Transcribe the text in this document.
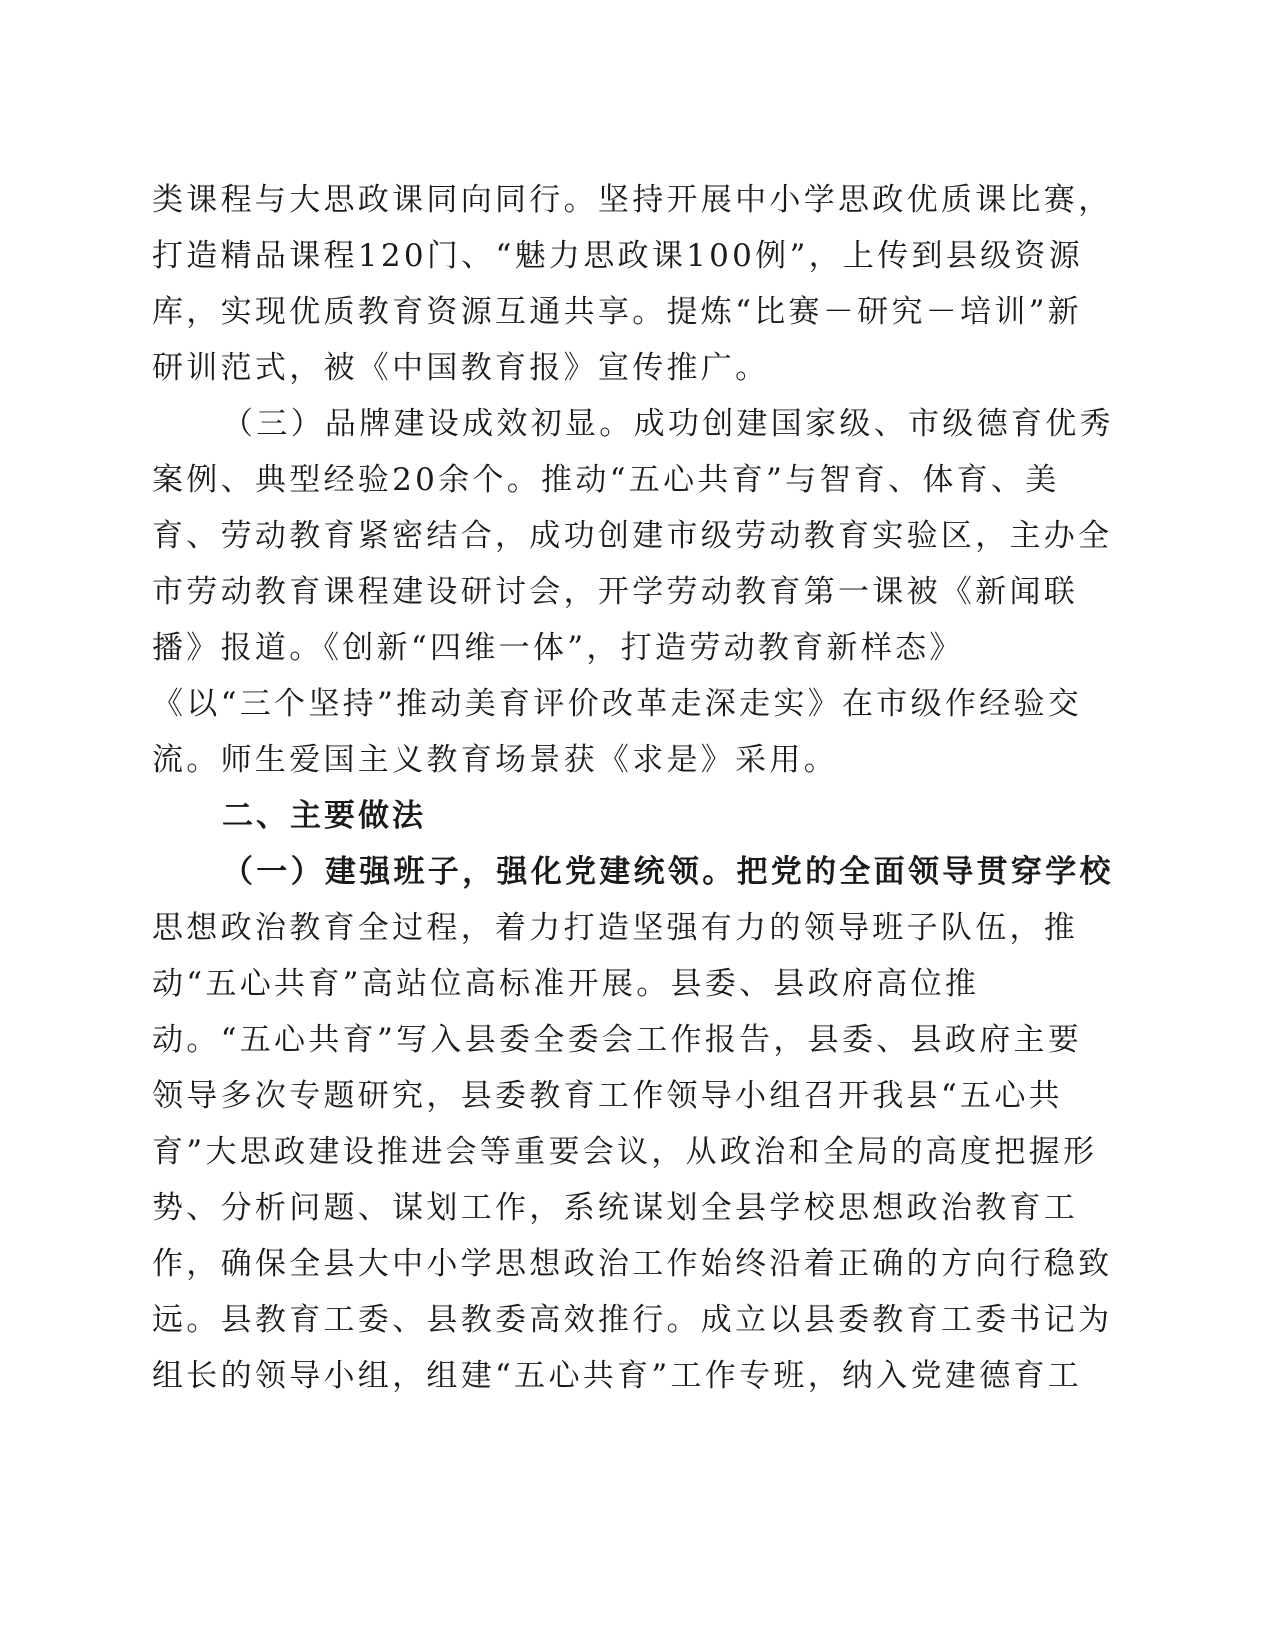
类课程与大思政课同向同行。坚持开展中小学思政优质课比赛，
打造精品课程120门、“魅力思政课100例”，上传到县级资源
库，实现优质教育资源互通共享。提炼“比赛－研究－培训”新
研训范式，被《中国教育报》宣传推广。
（三）品牌建设成效初显。成功创建国家级、市级德育优秀
案例、典型经验20余个。推动“五心共育”与智育、体育、美
育、劳动教育紧密结合，成功创建市级劳动教育实验区，主办全
市劳动教育课程建设研讨会，开学劳动教育第一课被《新闻联
播》报道。《创新“四维一体”，打造劳动教育新样态》
《以“三个坚持”推动美育评价改革走深走实》在市级作经验交
流。师生爱国主义教育场景获《求是》采用。
二、主要做法
（一）建强班子，强化党建统领。把党的全面领导贯穿学校
思想政治教育全过程，着力打造坚强有力的领导班子队伍，推
动“五心共育”高站位高标准开展。县委、县政府高位推
动。“五心共育”写入县委全委会工作报告，县委、县政府主要
领导多次专题研究，县委教育工作领导小组召开我县“五心共
育”大思政建设推进会等重要会议，从政治和全局的高度把握形
势、分析问题、谋划工作，系统谋划全县学校思想政治教育工
作，确保全县大中小学思想政治工作始终沿着正确的方向行稳致
远。县教育工委、县教委高效推行。成立以县委教育工委书记为
组长的领导小组，组建“五心共育”工作专班，纳入党建德育工
